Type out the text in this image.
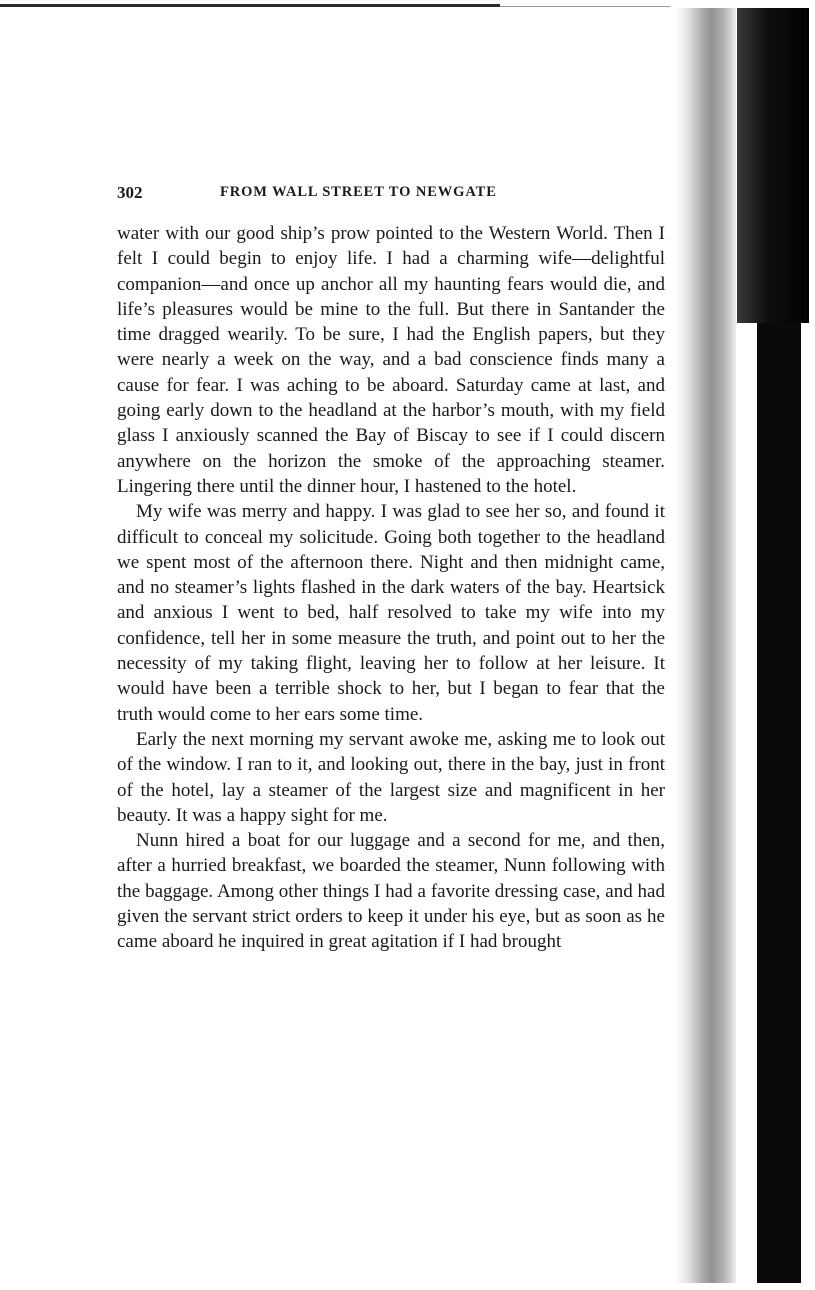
302	FROM WALL STREET TO NEWGATE

water with our good ship’s prow pointed to the Western World. Then I felt I could begin to enjoy life. I had a charming wife—delightful companion—and once up anchor all my haunting fears would die, and life’s pleasures would be mine to the full. But there in Santander the time dragged wearily. To be sure, I had the English papers, but they were nearly a week on the way, and a bad conscience finds many a cause for fear. I was aching to be aboard. Saturday came at last, and going early down to the headland at the harbor’s mouth, with my field glass I anxiously scanned the Bay of Biscay to see if I could discern anywhere on the horizon the smoke of the approaching steamer. Lingering there until the dinner hour, I hastened to the hotel.

My wife was merry and happy. I was glad to see her so, and found it difficult to conceal my solicitude. Going both together to the headland we spent most of the afternoon there. Night and then midnight came, and no steamer’s lights flashed in the dark waters of the bay. Heartsick and anxious I went to bed, half resolved to take my wife into my confidence, tell her in some measure the truth, and point out to her the necessity of my taking flight, leaving her to follow at her leisure. It would have been a terrible shock to her, but I began to fear that the truth would come to her ears some time.

Early the next morning my servant awoke me, asking me to look out of the window. I ran to it, and looking out, there in the bay, just in front of the hotel, lay a steamer of the largest size and magnificent in her beauty. It was a happy sight for me.

Nunn hired a boat for our luggage and a second for me, and then, after a hurried breakfast, we boarded the steamer, Nunn following with the baggage. Among other things I had a favorite dressing case, and had given the servant strict orders to keep it under his eye, but as soon as he came aboard he inquired in great agitation if I had brought
